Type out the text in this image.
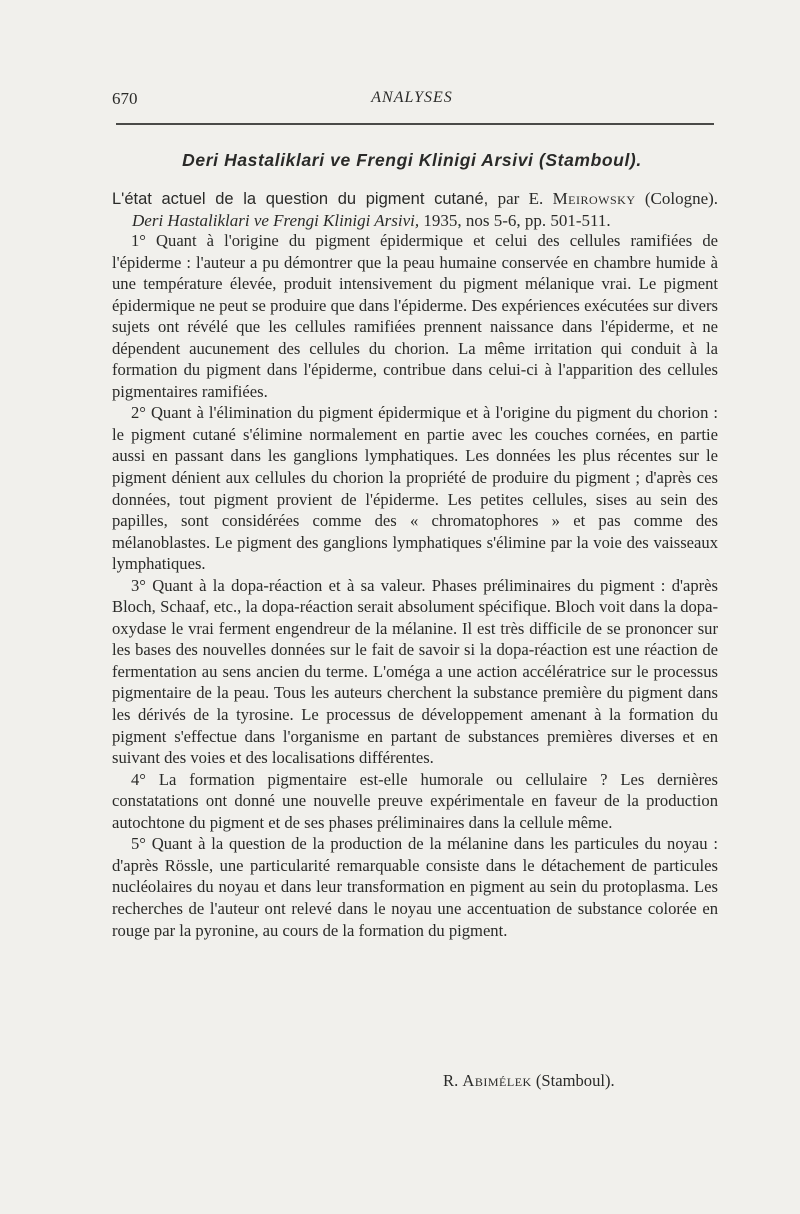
670	ANALYSES
Deri Hastaliklari ve Frengi Klinigi Arsivi (Stamboul).
L'état actuel de la question du pigment cutané, par E. Meirowsky (Cologne).
Deri Hastaliklari ve Frengi Klinigi Arsivi, 1935, nos 5-6, pp. 501-511.

1° Quant à l'origine du pigment épidermique et celui des cellules ramifiées de l'épiderme : l'auteur a pu démontrer que la peau humaine conservée en chambre humide à une température élevée, produit intensivement du pigment mélanique vrai. Le pigment épidermique ne peut se produire que dans l'épiderme. Des expériences exécutées sur divers sujets ont révélé que les cellules ramifiées prennent naissance dans l'épiderme, et ne dépendent aucunement des cellules du chorion. La même irritation qui conduit à la formation du pigment dans l'épiderme, contribue dans celui-ci à l'apparition des cellules pigmentaires ramifiées.

2° Quant à l'élimination du pigment épidermique et à l'origine du pigment du chorion : le pigment cutané s'élimine normalement en partie avec les couches cornées, en partie aussi en passant dans les ganglions lymphatiques. Les données les plus récentes sur le pigment dénient aux cellules du chorion la propriété de produire du pigment ; d'après ces données, tout pigment provient de l'épiderme. Les petites cellules, sises au sein des papilles, sont considérées comme des « chromatophores » et pas comme des mélanoblastes. Le pigment des ganglions lymphatiques s'élimine par la voie des vaisseaux lymphatiques.

3° Quant à la dopa-réaction et à sa valeur. Phases préliminaires du pigment : d'après Bloch, Schaaf, etc., la dopa-réaction serait absolument spécifique. Bloch voit dans la dopa-oxydase le vrai ferment engendreur de la mélanine. Il est très difficile de se prononcer sur les bases des nouvelles données sur le fait de savoir si la dopa-réaction est une réaction de fermentation au sens ancien du terme. L'oméga a une action accélératrice sur le processus pigmentaire de la peau. Tous les auteurs cherchent la substance première du pigment dans les dérivés de la tyrosine. Le processus de développement amenant à la formation du pigment s'effectue dans l'organisme en partant de substances premières diverses et en suivant des voies et des localisations différentes.

4° La formation pigmentaire est-elle humorale ou cellulaire ? Les dernières constatations ont donné une nouvelle preuve expérimentale en faveur de la production autochtone du pigment et de ses phases préliminaires dans la cellule même.

5° Quant à la question de la production de la mélanine dans les particules du noyau : d'après Rössle, une particularité remarquable consiste dans le détachement de particules nucléolaires du noyau et dans leur transformation en pigment au sein du protoplasma. Les recherches de l'auteur ont relevé dans le noyau une accentuation de substance colorée en rouge par la pyronine, au cours de la formation du pigment.

R. Abimélek (Stamboul).
